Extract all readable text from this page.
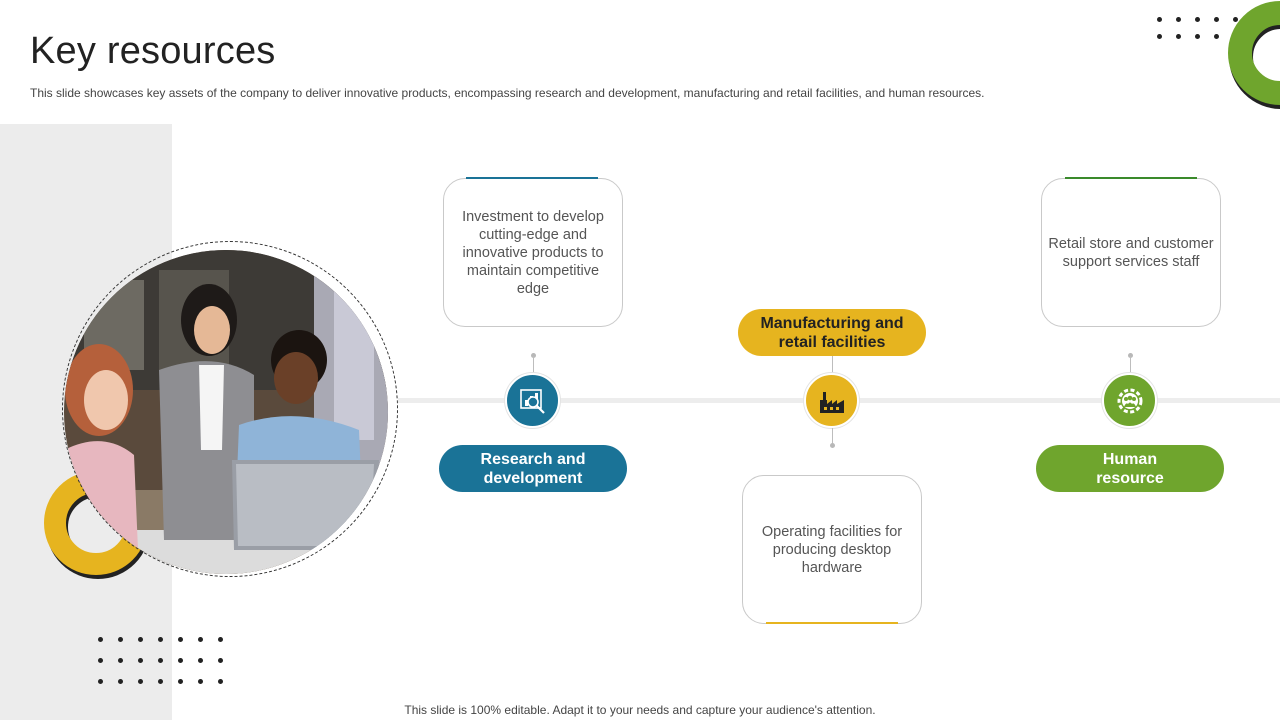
Key resources

This slide showcases key assets of the company to deliver innovative products, encompassing research and development, manufacturing and retail facilities, and human resources.

Investment to develop cutting-edge and innovative products to maintain competitive edge
Research and development
Manufacturing and retail facilities
Operating facilities for producing desktop hardware
Retail store and customer support services staff
Human resource

This slide is 100% editable. Adapt it to your needs and capture your audience's attention.
